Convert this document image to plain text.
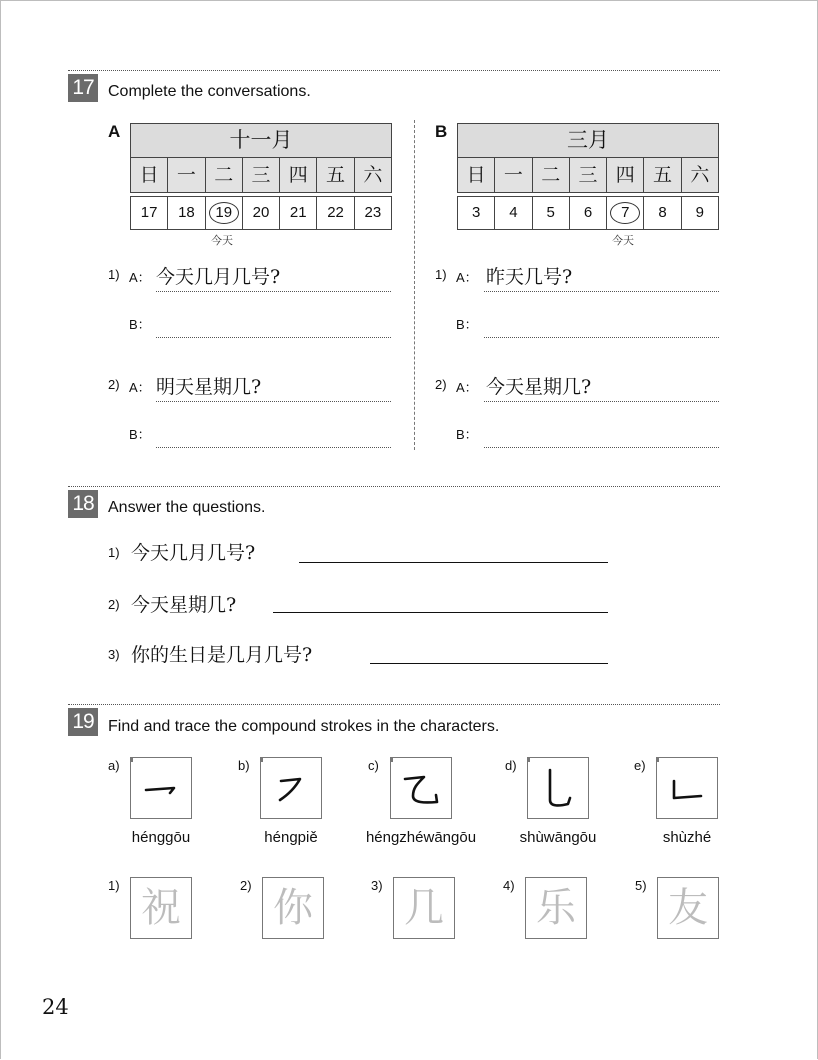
17 Complete the conversations.
A	十一月
日 一 二 三 四 五 六
17	18	19	20	21	22	23
今天
B	三月
日 一 二 三 四 五 六
3	4	5	6	7	8	9
今天
1) A： 今天几月几号?
B：
2) A： 明天星期几?
B：
1) A： 昨天几号?
B：
2) A： 今天星期几?
B：
18 Answer the questions.
1) 今天几月几号?
2) 今天星期几?
3) 你的生日是几月几号?
19 Find and trace the compound strokes in the characters.
a)
hénggōu
b)
héngpiě
c)
héngzhéwāngōu
d)
shùwāngōu
e)
shùzhé
1) 祝	2) 你	3) 几	4) 乐	5) 友
24
